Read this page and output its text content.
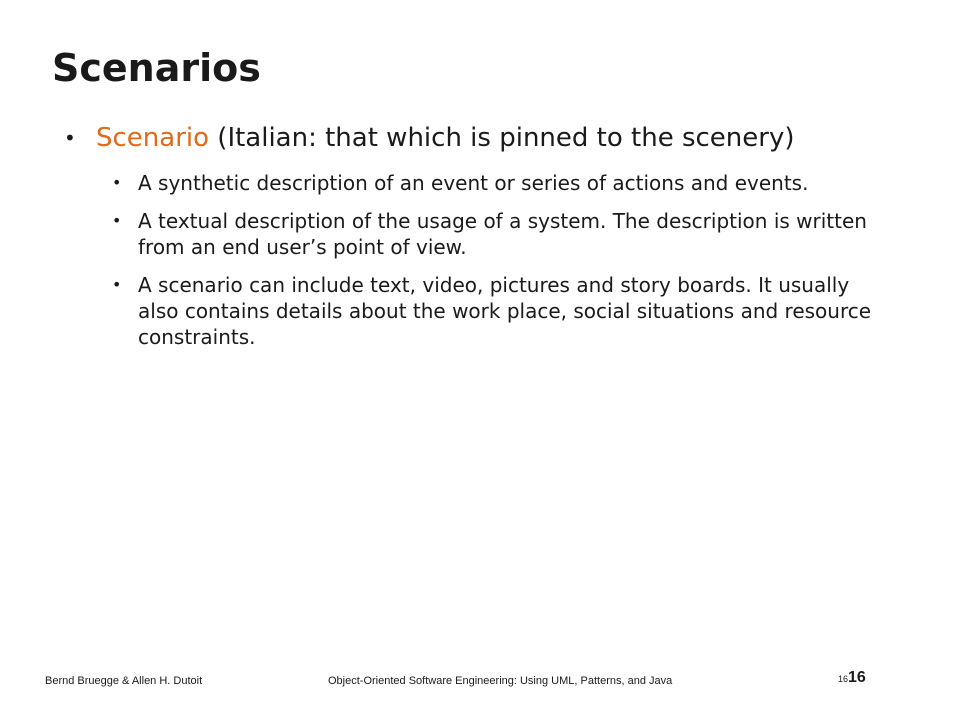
Scenarios
• Scenario (Italian: that which is pinned to the scenery)
• A synthetic description of an event or series of actions and events.
• A textual description of the usage of a system. The description is written from an end user’s point of view.
• A scenario can include text, video, pictures and story boards. It usually also contains details about the work place, social situations and resource constraints.
Bernd Bruegge & Allen H. Dutoit	Object-Oriented Software Engineering: Using UML, Patterns, and Java	1616
